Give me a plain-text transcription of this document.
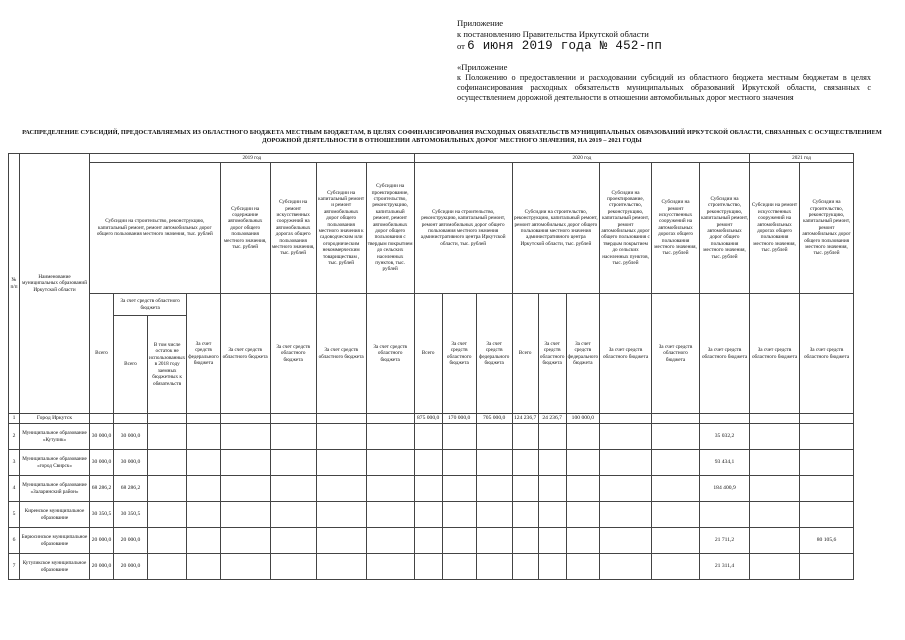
Приложение
к постановлению Правительства Иркутской области
от 6 июня 2019 года № 452-пп
«Приложение
к Положению о предоставлении и расходовании субсидий из областного бюджета местным бюджетам в целях софинансирования расходных обязательств муниципальных образований Иркутской области, связанных с осуществлением дорожной деятельности в отношении автомобильных дорог местного значения
РАСПРЕДЕЛЕНИЕ СУБСИДИЙ, ПРЕДОСТАВЛЯЕМЫХ ИЗ ОБЛАСТНОГО БЮДЖЕТА МЕСТНЫМ БЮДЖЕТАМ, В ЦЕЛЯХ СОФИНАНСИРОВАНИЯ РАСХОДНЫХ ОБЯЗАТЕЛЬСТВ МУНИЦИПАЛЬНЫХ ОБРАЗОВАНИЙ ИРКУТСКОЙ ОБЛАСТИ, СВЯЗАННЫХ С ОСУЩЕСТВЛЕНИЕМ ДОРОЖНОЙ ДЕЯТЕЛЬНОСТИ В ОТНОШЕНИИ АВТОМОБИЛЬНЫХ ДОРОГ МЕСТНОГО ЗНАЧЕНИЯ, НА 2019 – 2021 ГОДЫ
№ п/п	Наименование муниципальных образований Иркутской области	2019 год								2020 год									2021 год	
		Субсидии на строительство, реконструкцию, капитальный ремонт, ремонт автомобильных дорог общего пользования местного значения, тыс. рублей				Субсидии на содержание автомобильных дорог общего пользования местного значения, тыс. рублей	Субсидии на ремонт искусственных сооружений на автомобильных дорогах общего пользования местного значения, тыс. рублей	Субсидии на капитальный ремонт и ремонт автомобильных дорог общего пользования местного значения к садоводческим или огородническим некоммерческим товариществам , тыс. рублей	Субсидии на проектирование, строительство, реконструкцию, капитальный ремонт, ремонт автомобильных дорог общего пользования с твердым покрытием до сельских населенных пунктов, тыс. рублей	Субсидии на строительство, реконструкцию, капитальный ремонт, ремонт автомобильных дорог общего пользования местного значения административного центра Иркутской области, тыс. рублей			Субсидии на строительство, реконструкцию, капитальный ремонт, ремонт автомобильных дорог общего пользования местного значения административного центра Иркутской области, тыс. рублей			Субсидии на проектирование, строительство, реконструкцию, капитальный ремонт, ремонт автомобильных дорог общего пользования с твердым покрытием до сельских населенных пунктов, тыс. рублей	Субсидии на ремонт искусственных сооружений на автомобильных дорогах общего пользования местного значения, тыс. рублей	Субсидии на строительство, реконструкцию, капитальный ремонт, ремонт автомобильных дорог общего пользования местного значения, тыс. рублей	Субсидии на ремонт искусственных сооружений на автомобильных дорогах общего пользования местного значения, тыс. рублей	Субсидии на строительство, реконструкцию, капитальный ремонт, ремонт автомобильных дорог общего пользования местного значения, тыс. рублей
		Всего	За счет средств областного бюджета		За счет средств федерального бюджета	За счет средств областного бюджета	За счет средств областного бюджета	За счет средств областного бюджета	За счет средств областного бюджета	Всего	За счет средств областного бюджета	За счет средств федерального бюджета	Всего	За счет средств областного бюджета	За счет средств федерального бюджета	За счет средств областного бюджета	За счет средств областного бюджета	За счет средств областного бюджета	За счет средств областного бюджета	За счет средств областного бюджета
			Всего	В том числе остаток не использованных в 2018 году заемных бюджетных к обязательств																

1	Город Иркутск									875 000,0	170 000,0	705 000,0	124 236,7	24 236,7	100 000,0					
2	Муниципальное образование «Кутулик»	30 000,0	30 000,0															35 032,2		
3	Муниципальное образование «город Свирск»	30 000,0	30 000,0															93 434,1		
4	Муниципальное образование «Заларинский район»	68 286,2	68 286,2															184 400,9		
5	Киренское муниципальное образование	30 350,5	30 350,5																	
6	Бирюсинское муниципальное образование	20 000,0	20 000,0															21 711,2		80 105,6
7	Кутуликское муниципальное образование	20 000,0	20 000,0															21 311,4		
